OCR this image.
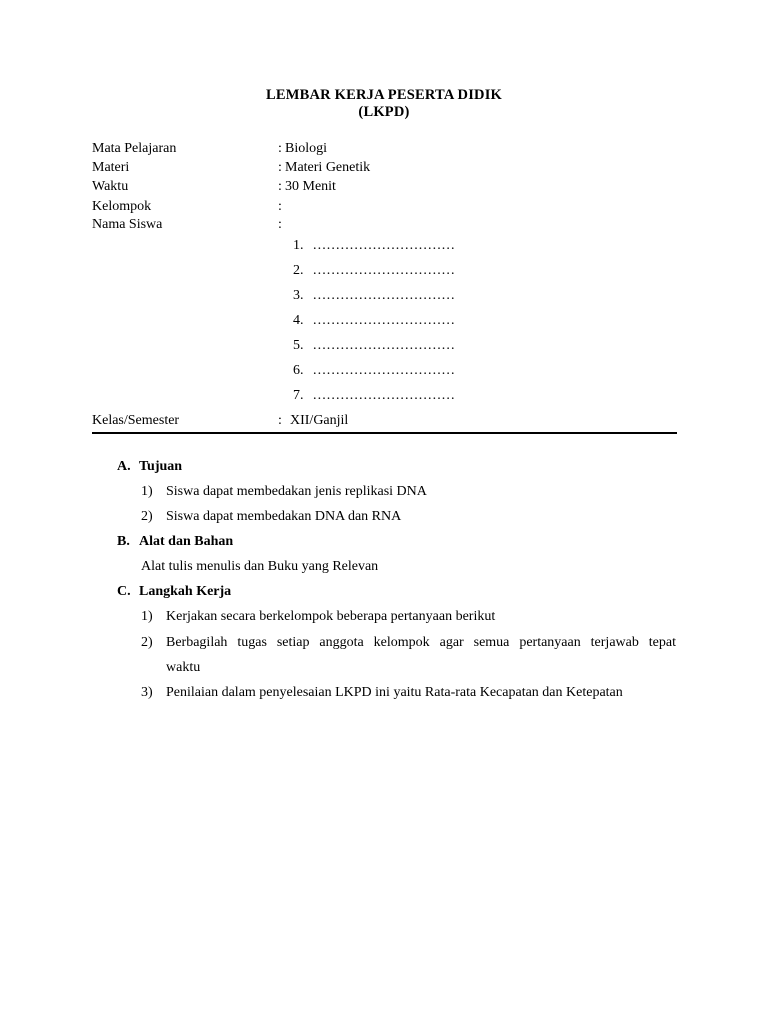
LEMBAR KERJA PESERTA DIDIK
(LKPD)
Mata Pelajaran	: Biologi
Materi	: Materi Genetik
Waktu	: 30 Menit
Kelompok	:
Nama Siswa	:
1. ...............................
2. ...............................
3. ...............................
4. ...............................
5. ...............................
6. ...............................
7. ...............................
Kelas/Semester	: XII/Ganjil
A. Tujuan
1) Siswa dapat membedakan jenis replikasi DNA
2) Siswa dapat membedakan DNA dan RNA
B. Alat dan Bahan
Alat tulis menulis dan Buku yang Relevan
C. Langkah Kerja
1) Kerjakan secara berkelompok beberapa pertanyaan berikut
2) Berbagilah tugas setiap anggota kelompok agar semua pertanyaan terjawab tepat
waktu
3) Penilaian dalam penyelesaian LKPD ini yaitu Rata-rata Kecapatan dan Ketepatan
